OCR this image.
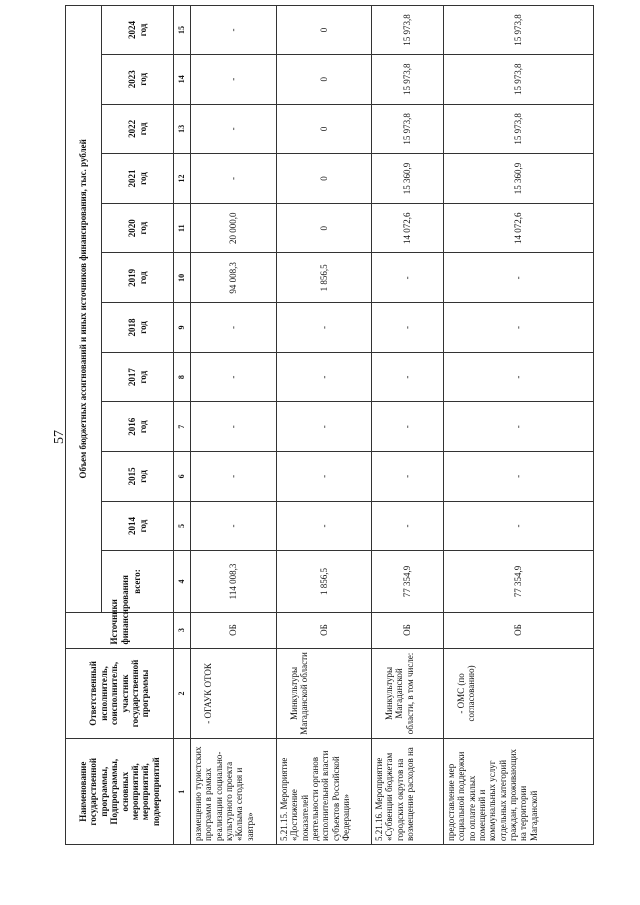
57
Наименование государственной программы, Подпрограммы, основных мероприятий, мероприятий, подмероприятий	Ответственный исполнитель, соисполнитель, участник государственной программы	Источники финансирования	Объем бюджетных ассигнований и иных источников финансирования, тыс. рублей											
			всего:	2014 год	2015 год	2016 год	2017 год	2018 год	2019 год	2020 год	2021 год	2022 год	2023 год	2024 год

1	2	3	4	5	6	7	8	9	10	11	12	13	14	15
размещению туристских программ в рамках реализации социально-культурного проекта «Колыма сегодня и завтра»	- ОГАУК ОТОК	ОБ	114 008,3	-	-	-	-	-	94 008,3	20 000,0	-	-	-	-
5.21.15. Мероприятие «Достижение показателей деятельности органов исполнительной власти субъектов Российской Федерации»	Минкультуры Магаданской области	ОБ	1 856,5	-	-	-	-	-	1 856,5	0	0	0	0	0
5.21.16. Мероприятие «Субвенции бюджетам городских округов на возмещение расходов на	Минкультуры Магаданской области, в том числе:	ОБ	77 354,9	-	-	-	-	-	-	14 072,6	15 360,9	15 973,8	15 973,8	15 973,8
предоставление мер социальной поддержки по оплате жилых помещений и коммунальных услуг отдельных категорий граждан, проживающих на территории Магаданской	- ОМС (по согласованию)	ОБ	77 354,9	-	-	-	-	-	-	14 072,6	15 360,9	15 973,8	15 973,8	15 973,8
